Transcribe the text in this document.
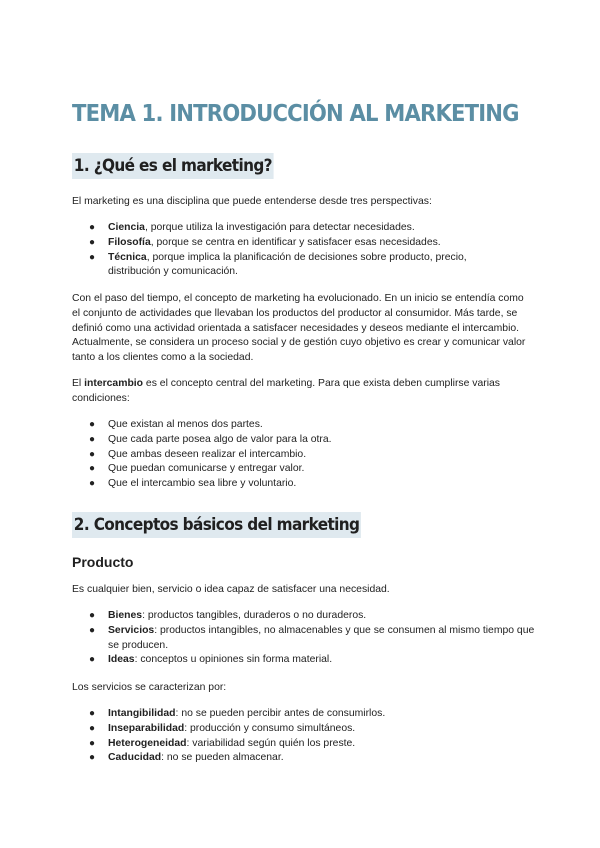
TEMA 1. INTRODUCCIÓN AL MARKETING
1. ¿Qué es el marketing?

El marketing es una disciplina que puede entenderse desde tres perspectivas:

● Ciencia, porque utiliza la investigación para detectar necesidades.
● Filosofía, porque se centra en identificar y satisfacer esas necesidades.
● Técnica, porque implica la planificación de decisiones sobre producto, precio, distribución y comunicación.

Con el paso del tiempo, el concepto de marketing ha evolucionado. En un inicio se entendía como el conjunto de actividades que llevaban los productos del productor al consumidor. Más tarde, se definió como una actividad orientada a satisfacer necesidades y deseos mediante el intercambio. Actualmente, se considera un proceso social y de gestión cuyo objetivo es crear y comunicar valor tanto a los clientes como a la sociedad.

El intercambio es el concepto central del marketing. Para que exista deben cumplirse varias condiciones:

● Que existan al menos dos partes.
● Que cada parte posea algo de valor para la otra.
● Que ambas deseen realizar el intercambio.
● Que puedan comunicarse y entregar valor.
● Que el intercambio sea libre y voluntario.
2. Conceptos básicos del marketing
Producto

Es cualquier bien, servicio o idea capaz de satisfacer una necesidad.

● Bienes: productos tangibles, duraderos o no duraderos.
● Servicios: productos intangibles, no almacenables y que se consumen al mismo tiempo que se producen.
● Ideas: conceptos u opiniones sin forma material.

Los servicios se caracterizan por:

● Intangibilidad: no se pueden percibir antes de consumirlos.
● Inseparabilidad: producción y consumo simultáneos.
● Heterogeneidad: variabilidad según quién los preste.
● Caducidad: no se pueden almacenar.
